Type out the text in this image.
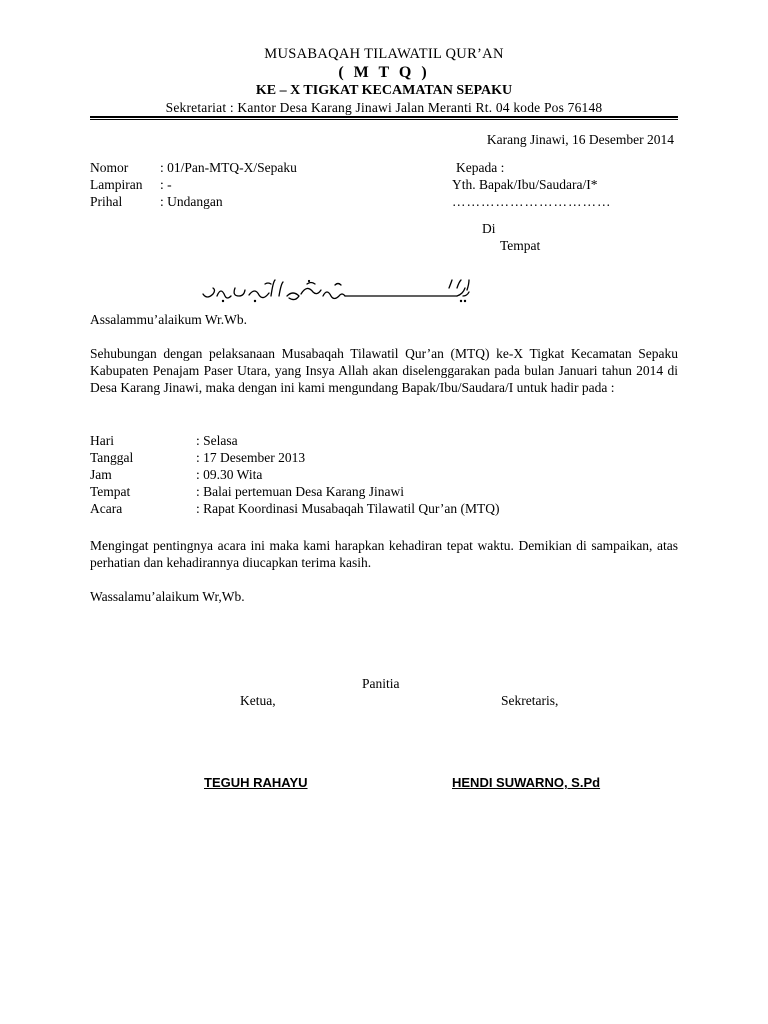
MUSABAQAH TILAWATIL QUR’AN
( M T Q )
KE – X TIGKAT KECAMATAN SEPAKU
Sekretariat : Kantor Desa Karang Jinawi Jalan Meranti Rt. 04 kode Pos 76148
Karang Jinawi, 16 Desember 2014
Nomor	: 01/Pan-MTQ-X/Sepaku
Lampiran	: -
Prihal	: Undangan
Kepada :
Yth. Bapak/Ibu/Saudara/I*
……………………………
Di
Tempat
Assalammu’alaikum Wr.Wb.
Sehubungan dengan pelaksanaan Musabaqah Tilawatil Qur’an (MTQ) ke-X Tigkat Kecamatan Sepaku Kabupaten Penajam Paser Utara, yang Insya Allah akan diselenggarakan pada bulan Januari tahun 2014 di Desa Karang Jinawi, maka dengan ini kami mengundang Bapak/Ibu/Saudara/I untuk hadir pada :
Hari	: Selasa
Tanggal	: 17 Desember 2013
Jam	: 09.30 Wita
Tempat	: Balai pertemuan Desa Karang Jinawi
Acara	: Rapat Koordinasi Musabaqah Tilawatil Qur’an (MTQ)
Mengingat pentingnya acara ini maka kami harapkan kehadiran tepat waktu. Demikian di sampaikan, atas perhatian dan kehadirannya diucapkan terima kasih.
Wassalamu’alaikum Wr,Wb.
Panitia
Ketua,	Sekretaris,
TEGUH RAHAYU	HENDI SUWARNO, S.Pd
